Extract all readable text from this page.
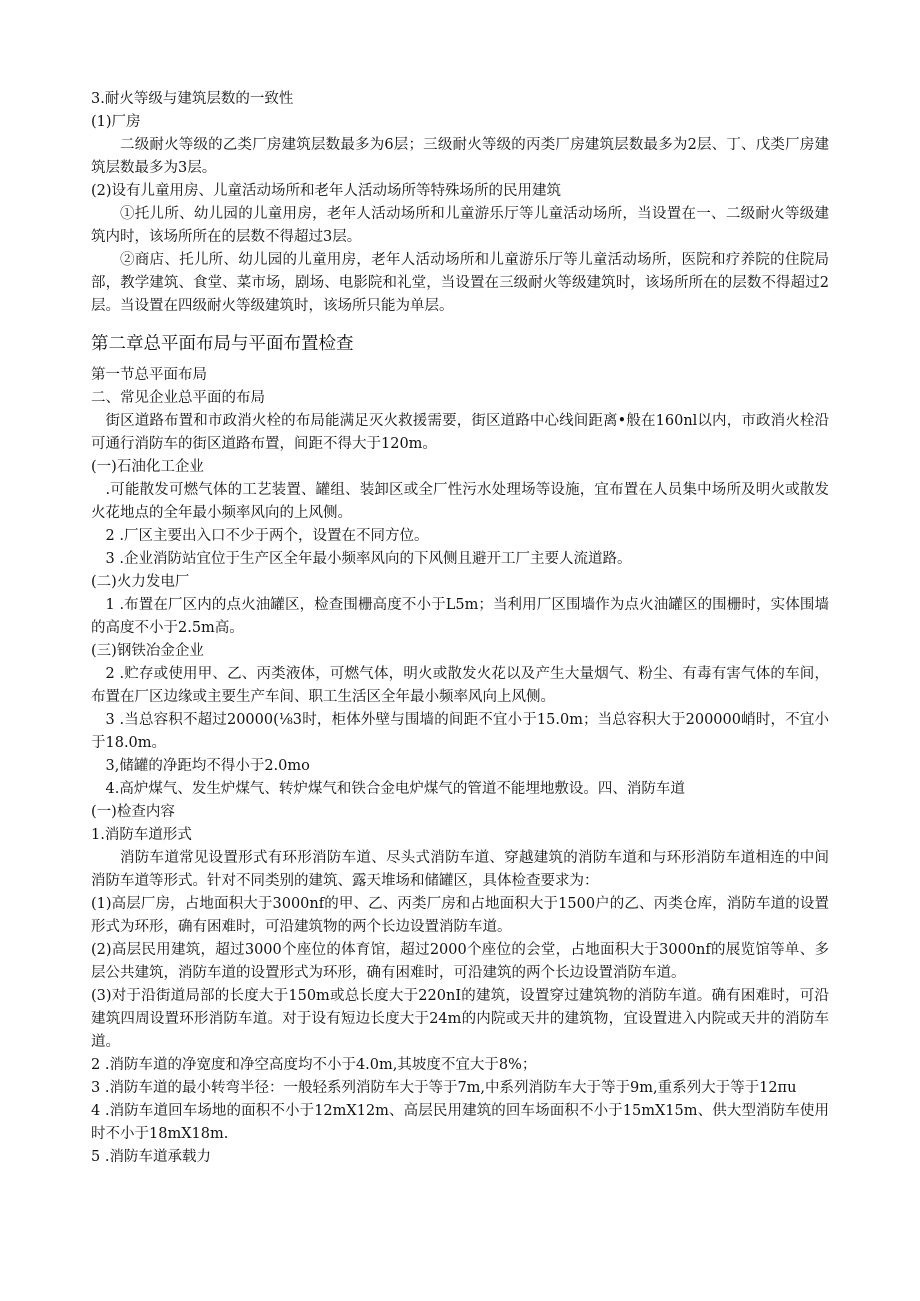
3.耐火等级与建筑层数的一致性

(1)厂房

二级耐火等级的乙类厂房建筑层数最多为6层；三级耐火等级的丙类厂房建筑层数最多为2层、丁、戊类厂房建筑层数最多为3层。

(2)设有儿童用房、儿童活动场所和老年人活动场所等特殊场所的民用建筑

①托儿所、幼儿园的儿童用房，老年人活动场所和儿童游乐厅等儿童活动场所，当设置在一、二级耐火等级建筑内时，该场所所在的层数不得超过3层。

②商店、托儿所、幼儿园的儿童用房，老年人活动场所和儿童游乐厅等儿童活动场所，医院和疗养院的住院局部，教学建筑、食堂、菜市场，剧场、电影院和礼堂，当设置在三级耐火等级建筑时，该场所所在的层数不得超过2层。当设置在四级耐火等级建筑时，该场所只能为单层。

第二章总平面布局与平面布置检查

第一节总平面布局

二、常见企业总平面的布局

街区道路布置和市政消火栓的布局能满足灭火救援需要，街区道路中心线间距离•般在160nl以内，市政消火栓沿可通行消防车的街区道路布置，间距不得大于120m。

(一)石油化工企业

.可能散发可燃气体的工艺装置、罐组、装卸区或全厂性污水处理场等设施，宜布置在人员集中场所及明火或散发火花地点的全年最小频率风向的上风侧。

2 .厂区主要出入口不少于两个，设置在不同方位。

3 .企业消防站宜位于生产区全年最小频率风向的下风侧且避开工厂主要人流道路。

(二)火力发电厂

1 .布置在厂区内的点火油罐区，检查围栅高度不小于L5m；当利用厂区围墙作为点火油罐区的围栅时，实体围墙的高度不小于2.5m高。

(三)钢铁冶金企业

2 .贮存或使用甲、乙、丙类液体，可燃气体，明火或散发火花以及产生大量烟气、粉尘、有毒有害气体的车间，布置在厂区边缘或主要生产车间、职工生活区全年最小频率风向上风侧。

3 .当总容积不超过20000(⅛3时，柜体外壁与围墙的间距不宜小于15.0m；当总容积大于200000峭时，不宜小于18.0m。

3,储罐的净距均不得小于2.0mo

4.高炉煤气、发生炉煤气、转炉煤气和铁合金电炉煤气的管道不能埋地敷设。四、消防车道

(一)检查内容

1.消防车道形式

消防车道常见设置形式有环形消防车道、尽头式消防车道、穿越建筑的消防车道和与环形消防车道相连的中间消防车道等形式。针对不同类别的建筑、露天堆场和储罐区，具体检查要求为：

(1)高层厂房，占地面积大于3000nf的甲、乙、丙类厂房和占地面积大于1500户的乙、丙类仓库，消防车道的设置形式为环形，确有困难时，可沿建筑物的两个长边设置消防车道。

(2)高层民用建筑，超过3000个座位的体育馆，超过2000个座位的会堂，占地面积大于3000nf的展览馆等单、多层公共建筑，消防车道的设置形式为环形，确有困难时，可沿建筑的两个长边设置消防车道。

(3)对于沿街道局部的长度大于150m或总长度大于220nI的建筑，设置穿过建筑物的消防车道。确有困难时，可沿建筑四周设置环形消防车道。对于设有短边长度大于24m的内院或天井的建筑物，宜设置进入内院或天井的消防车道。

2 .消防车道的净宽度和净空高度均不小于4.0m,其坡度不宜大于8%；

3 .消防车道的最小转弯半径：一般轻系列消防车大于等于7m,中系列消防车大于等于9m,重系列大于等于12πu

4 .消防车道回车场地的面积不小于12mX12m、高层民用建筑的回车场面积不小于15mX15m、供大型消防车使用时不小于18mX18m.

5 .消防车道承载力
